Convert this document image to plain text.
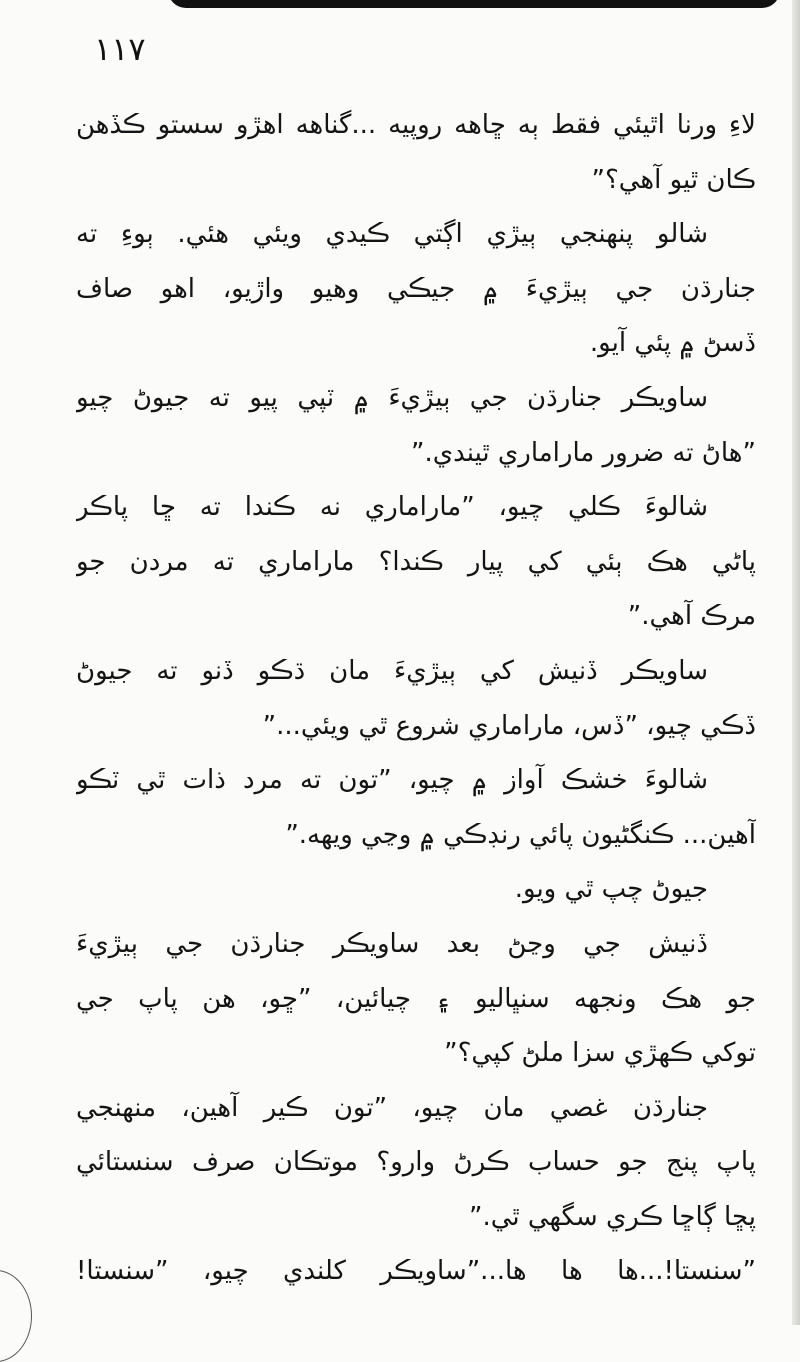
١١٧
لاءِ ورنا اٿيئي فقط ٻه ڇاهه روپيه ...گناهه اهڙو سستو ڪڏهن
ڪان ٿيو آهي؟”
شالو پنهنجي ٻيڙي اڳتي ڪيدي ويئي هئي. ٻوءِ ته
جنارڌن جي ٻيڙيءَ ۾ جيڪي وهيو واڙيو، اهو صاف
ڏسڻ ۾ پئي آيو.
ساويڪر جنارڌن جي ٻيڙيءَ ۾ ٽپي پيو ته جيوڻ چيو
”هاڻ ته ضرور ماراماري ٿيندي.”
شالوءَ ڪلي چيو، ”ماراماري نه ڪندا ته ڇا پاڪر
پاڻي هڪ ٻئي کي پيار ڪندا؟ ماراماري ته مردن جو
مرڪ آهي.”
ساويڪر ڏنيش کي ٻيڙيءَ مان ڌڪو ڏنو ته جيوڻ
ڏڪي چيو، ”ڏس، ماراماري شروع ٿي ويئي...”
شالوءَ خشڪ آواز ۾ چيو، ”تون ته مرد ذات ٿي ٽڪو
آهين... ڪنگڻيون پائي رنڊڪي ۾ وڃي ويهه.”
جيوڻ چپ ٿي ويو.
ڏنيش جي وڃڻ بعد ساويڪر جنارڌن جي ٻيڙيءَ
جو هڪ ونجهه سنڀاليو ۽ چيائين، ”ڇو، هن پاپ جي
توکي ڪهڙي سزا ملڻ کپي؟”
جنارڌن غصي مان چيو، ”تون ڪير آهين، منهنجي
پاپ پنج جو حساب ڪرڻ وارو؟ موتڪان صرف سنستائي
پڇا ڳاڇا ڪري سگهي ٿي.”
”سنستا!...ها ها ها...”ساويڪر کلندي چيو، ”سنستا!
